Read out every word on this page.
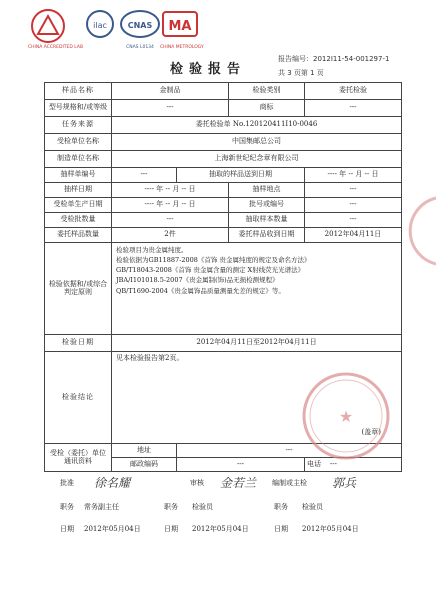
CHINA ACCREDITED LAB
ilac	CNAS
CNAS L0134
MA
CHINA METROLOGY
检验报告
报告编号：2012I11-54-001297-1
共 3 页第 1 页
样品名称	金制品		检验类别	委托检验
型号规格和/或等级	---		商标	---
任务来源	委托检验单 No.120120411I10-0046			
受检单位名称	中国集邮总公司			
制造单位名称	上海新世纪纪念章有限公司			
抽样单编号	---	抽取的样品送到日期		---- 年 -- 月 -- 日
抽样日期	---- 年 -- 月 -- 日		抽样地点	---
受检单生产日期	---- 年 -- 月 -- 日		批号或编号	---
受检批数量	---		抽取样本数量	---
委托样品数量	2件		委托样品收到日期	2012年04月11日
检验依据和/或综合判定原则	检验项目为贵金属纯度。
检验依据为GB11887-2008《首饰 贵金属纯度的规定及命名方法》
GB/T18043-2008《首饰 贵金属含量的测定 X射线荧光光谱法》
JBA/I101018.5-2007《贵金属制(饰)品无损检测规程》
QB/T1690-2004《贵金属饰品质量测量允差的规定》等。			

检验日期	2012年04月11日至2012年04月11日			
检验结论	见本检验报告第2页。
(盖章)			

受检（委托）单位通讯资料	地址	---		
	邮政编码	---		电话 ---
★
批准 徐名耀	审核 金若兰 编制或主检 郭兵
职务 常务副主任	职务 检验员	职务 检验员
日期 2012年05月04日	日期 2012年05月04日	日期 2012年05月04日
